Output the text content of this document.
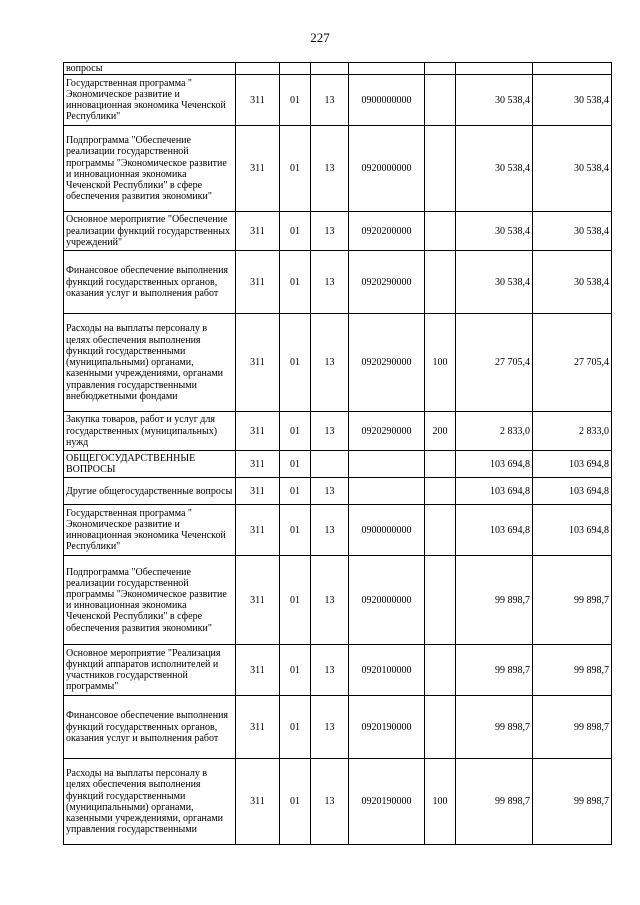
227
вопросы							
Государственная программа " Экономическое развитие и инновационная экономика Чеченской Республики"	311	01	13	0900000000		30 538,4	30 538,4
Подпрограмма "Обеспечение реализации государственной программы "Экономическое развитие и инновационная экономика Чеченской Республики" в сфере обеспечения развития экономики"	311	01	13	0920000000		30 538,4	30 538,4
Основное мероприятие "Обеспечение реализации функций государственных учреждений"	311	01	13	0920200000		30 538,4	30 538,4
Финансовое обеспечение выполнения функций государственных органов, оказания услуг и выполнения работ	311	01	13	0920290000		30 538,4	30 538,4
Расходы на выплаты персоналу в целях обеспечения выполнения функций государственными (муниципальными) органами, казенными учреждениями, органами управления государственными внебюджетными фондами	311	01	13	0920290000	100	27 705,4	27 705,4
Закупка товаров, работ и услуг для государственных (муниципальных) нужд	311	01	13	0920290000	200	2 833,0	2 833,0
ОБЩЕГОСУДАРСТВЕННЫЕ ВОПРОСЫ	311	01				103 694,8	103 694,8
Другие общегосударственные вопросы	311	01	13			103 694,8	103 694,8
Государственная программа " Экономическое развитие и инновационная экономика Чеченской Республики"	311	01	13	0900000000		103 694,8	103 694,8
Подпрограмма "Обеспечение реализации государственной программы "Экономическое развитие и инновационная экономика Чеченской Республики" в сфере обеспечения развития экономики"	311	01	13	0920000000		99 898,7	99 898,7
Основное мероприятие "Реализация функций аппаратов исполнителей и участников государственной программы"	311	01	13	0920100000		99 898,7	99 898,7
Финансовое обеспечение выполнения функций государственных органов, оказания услуг и выполнения работ	311	01	13	0920190000		99 898,7	99 898,7
Расходы на выплаты персоналу в целях обеспечения выполнения функций государственными (муниципальными) органами, казенными учреждениями, органами управления государственными	311	01	13	0920190000	100	99 898,7	99 898,7
